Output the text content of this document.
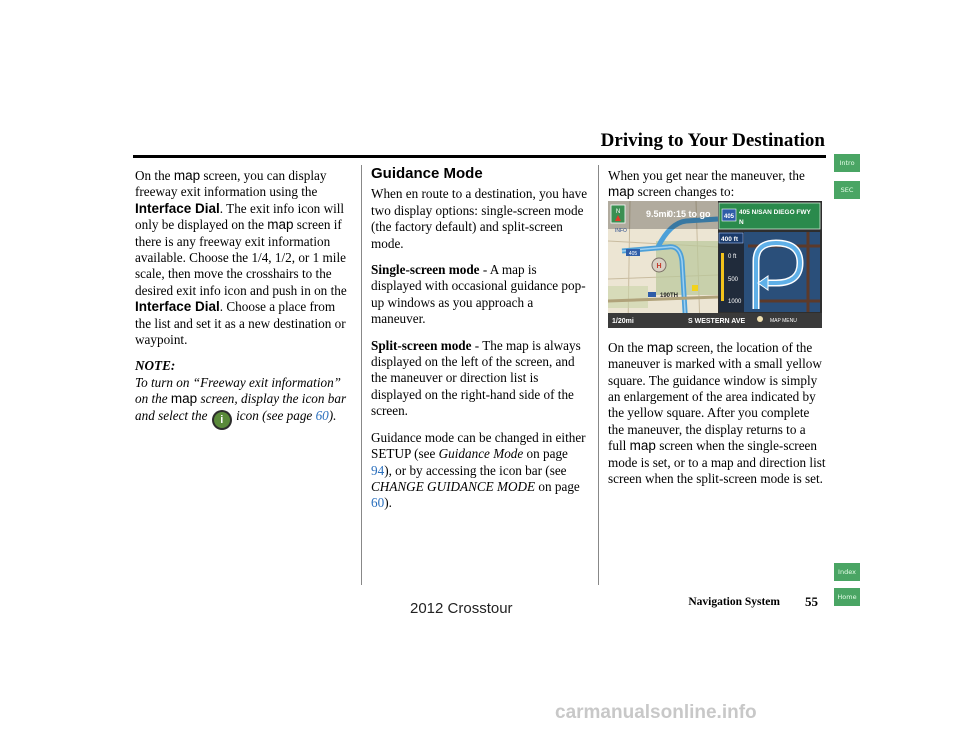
Driving to Your Destination

On the map screen, you can display freeway exit information using the Interface Dial. The exit info icon will only be displayed on the map screen if there is any freeway exit information available. Choose the 1/4, 1/2, or 1 mile scale, then move the crosshairs to the desired exit info icon and push in on the Interface Dial. Choose a place from the list and set it as a new destination or waypoint.

NOTE:

To turn on “Freeway exit information” on the map screen, display the icon bar and select the i icon (see page 60).

Guidance Mode

When en route to a destination, you have two display options: single-screen mode (the factory default) and split-screen mode.

Single-screen mode - A map is displayed with occasional guidance pop-up windows as you approach a maneuver.

Split-screen mode - The map is always displayed on the left of the screen, and the maneuver or direction list is displayed on the right-hand side of the screen.

Guidance mode can be changed in either SETUP (see Guidance Mode on page 94), or by accessing the icon bar (see CHANGE GUIDANCE MODE on page 60).

When you get near the maneuver, the map screen changes to:

On the map screen, the location of the maneuver is marked with a small yellow square. The guidance window is simply an enlargement of the area indicated by the yellow square. After you complete the maneuver, the display returns to a full map screen when the single-screen mode is set, or to a map and direction list screen when the split-screen mode is set.

N	9.5mi
0:15 to go
INFO
405
H
190TH
1/20mi	S WESTERN AVE	MAP MENU
405
405 N/SAN DIEGO FWY
N
400 ft
0 ft
500
1000
Intro
SEC
Index
Home
Navigation System 55
2012 Crosstour
carmanualsonline.info
